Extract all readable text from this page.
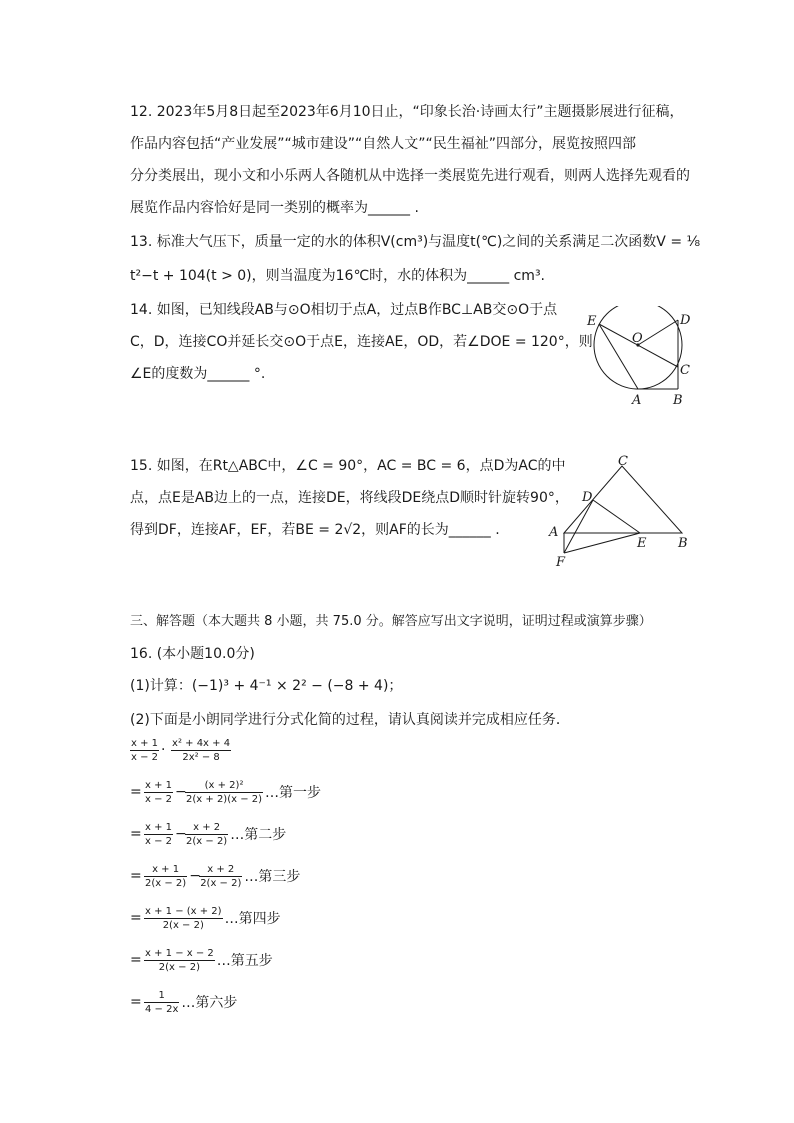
12. 2023年5月8日起至2023年6月10日止，“印象长治·诗画太行”主题摄影展进行征稿，
作品内容包括“产业发展”“城市建设”“自然人文”“民生福祉”四部分，展览按照四部
分分类展出，现小文和小乐两人各随机从中选择一类展览先进行观看，则两人选择先观看的
展览作品内容恰好是同一类别的概率为______ .
13. 标准大气压下，质量一定的水的体积V(cm³)与温度t(℃)之间的关系满足二次函数V = ⅛
t²−t + 104(t > 0)，则当温度为16℃时，水的体积为______ cm³.
14. 如图，已知线段AB与⊙O相切于点A，过点B作BC⊥AB交⊙O于点
C，D，连接CO并延长交⊙O于点E，连接AE，OD，若∠DOE = 120°，则
∠E的度数为______ °.
E	D
O
C
A B
15. 如图，在Rt△ABC中，∠C = 90°，AC = BC = 6，点D为AC的中
点，点E是AB边上的一点，连接DE，将线段DE绕点D顺时针旋转90°，
得到DF，连接AF，EF，若BE = 2√2，则AF的长为______ .
C
D
A
E B
F
三、解答题（本大题共 8 小题，共 75.0 分。解答应写出文字说明，证明过程或演算步骤）
16. (本小题10.0分)
(1)计算：(−1)³ + 4⁻¹ × 2² − (−8 + 4)；
(2)下面是小朗同学进行分式化简的过程，请认真阅读并完成相应任务．
x + 1
x − 2 · x² + 4x + 4
2x² − 8
= x + 1
x − 2 − (x + 2)²
2(x + 2)(x − 2) …第一步
= x + 1
x − 2 − x + 2
2(x − 2) …第二步
= x + 1
2(x − 2) − x + 2
2(x − 2) …第三步
= x + 1 − (x + 2)
2(x − 2) …第四步
= x + 1 − x − 2
2(x − 2) …第五步
= 1
4 − 2x …第六步
